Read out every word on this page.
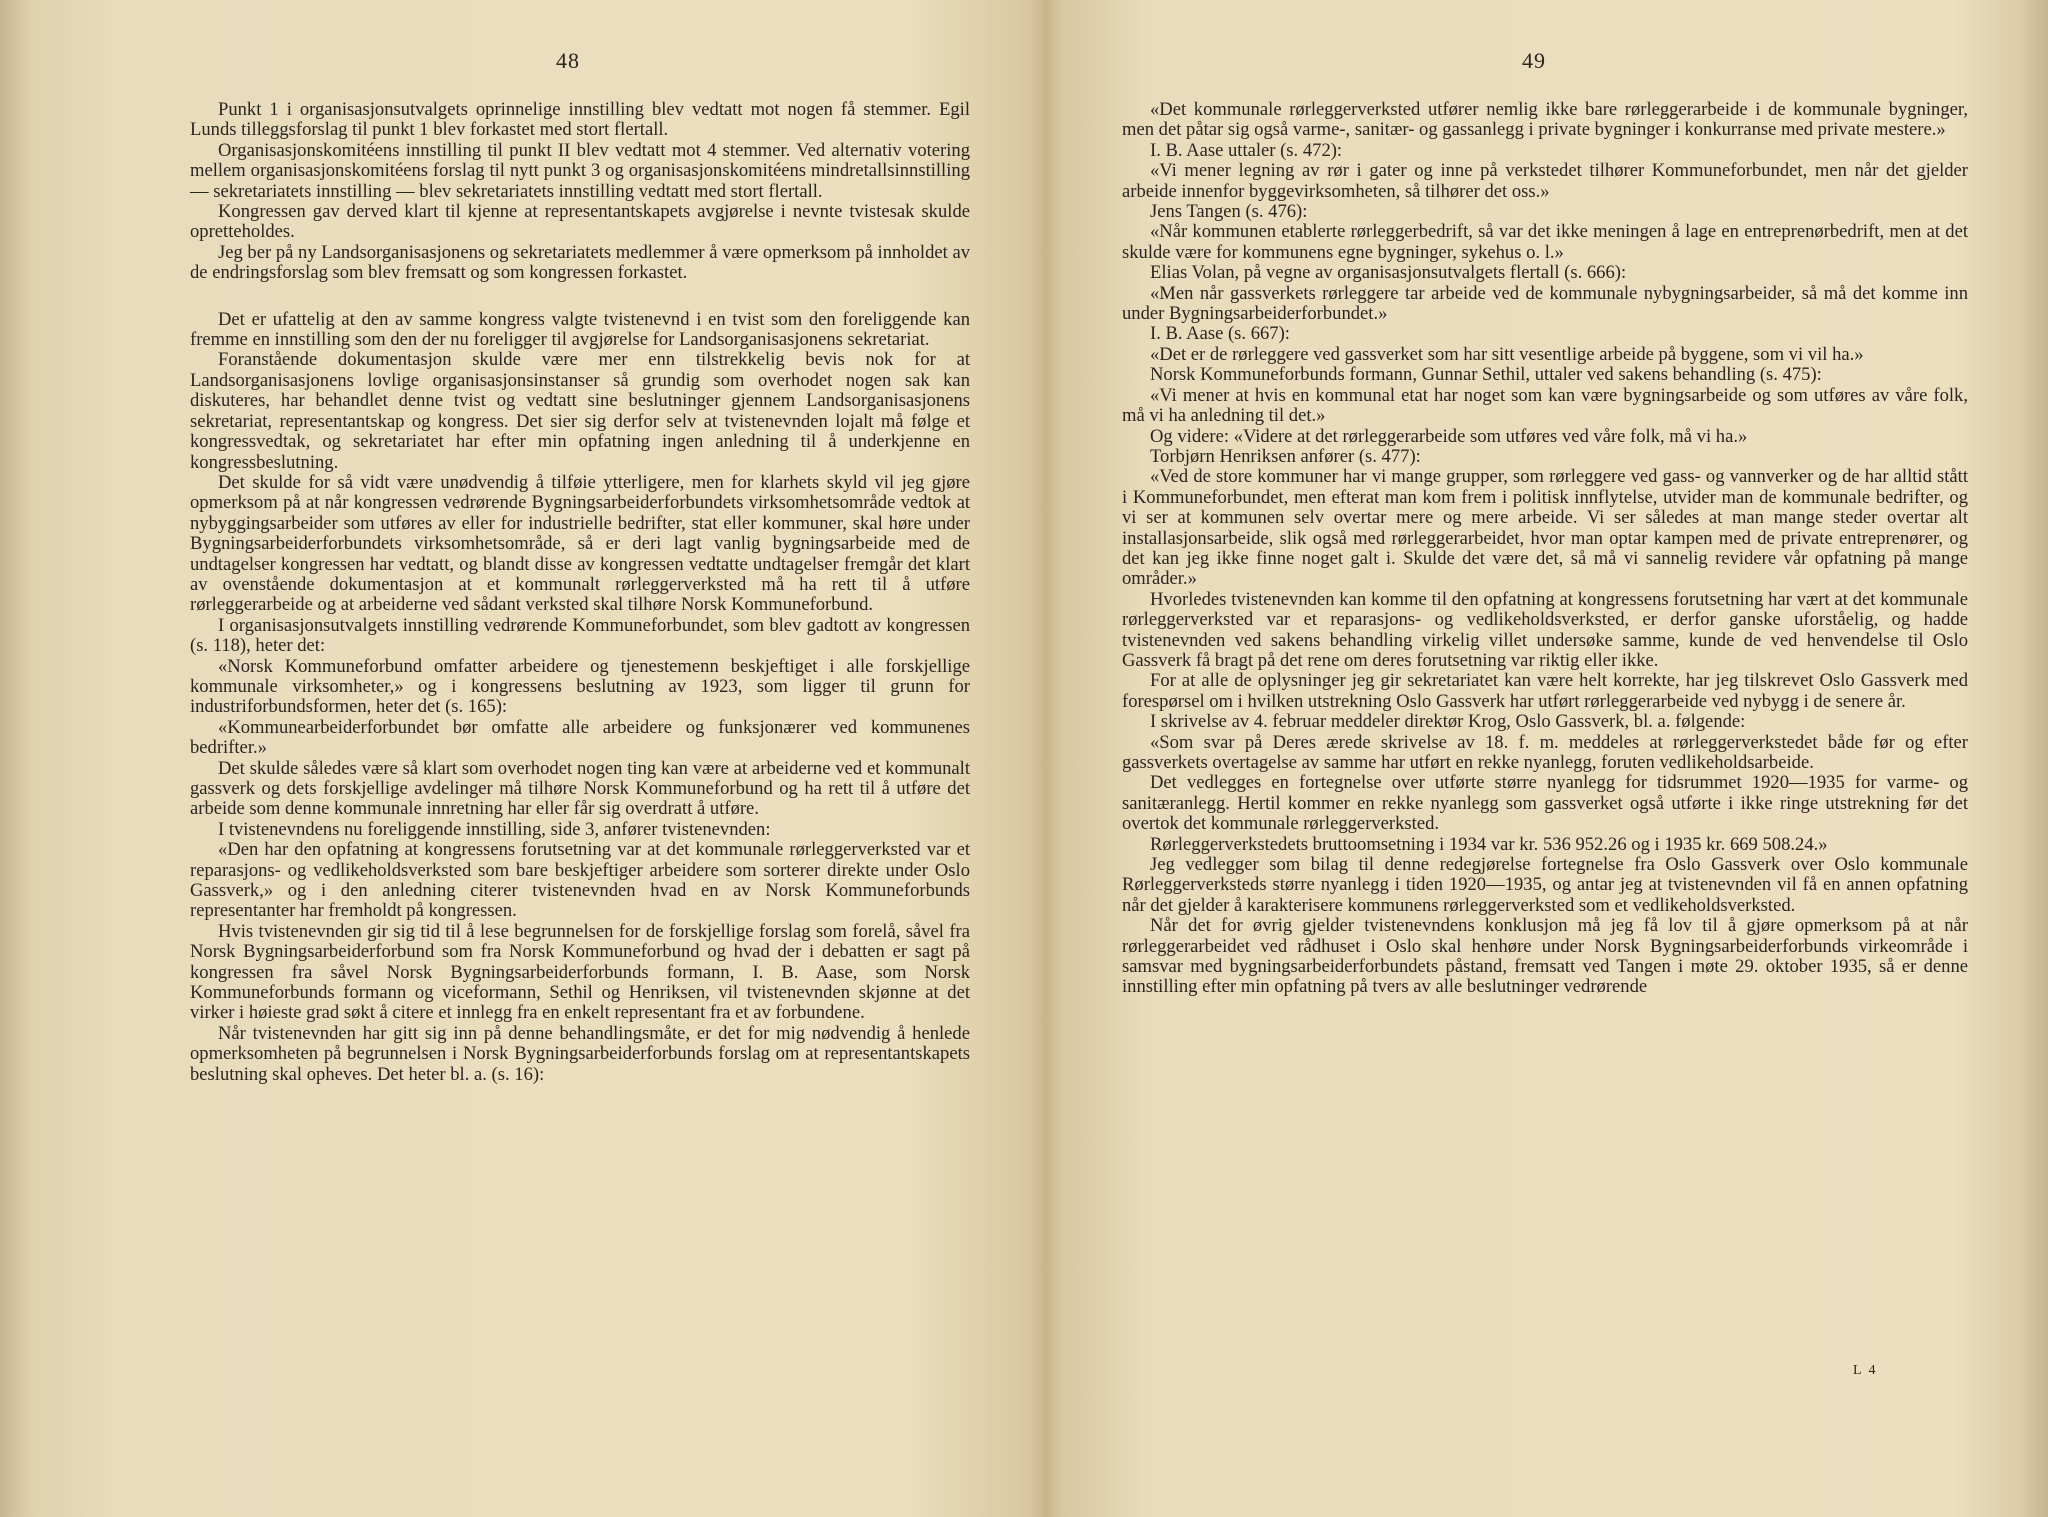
48

Punkt 1 i organisasjonsutvalgets oprinnelige innstilling blev vedtatt mot nogen få stemmer. Egil Lunds tilleggsforslag til punkt 1 blev forkastet med stort flertall.

Organisasjonskomitéens innstilling til punkt II blev vedtatt mot 4 stemmer. Ved alternativ votering mellem organisasjonskomitéens forslag til nytt punkt 3 og organisasjonskomitéens mindretallsinnstilling — sekretariatets innstilling — blev sekretariatets innstilling vedtatt med stort flertall.

Kongressen gav derved klart til kjenne at representantskapets avgjørelse i nevnte tvistesak skulde opretteholdes.

Jeg ber på ny Landsorganisasjonens og sekretariatets medlemmer å være opmerksom på innholdet av de endringsforslag som blev fremsatt og som kongressen forkastet.

Det er ufattelig at den av samme kongress valgte tvistenevnd i en tvist som den foreliggende kan fremme en innstilling som den der nu foreligger til avgjørelse for Landsorganisasjonens sekretariat.

Foranstående dokumentasjon skulde være mer enn tilstrekkelig bevis nok for at Landsorganisasjonens lovlige organisasjonsinstanser så grundig som overhodet nogen sak kan diskuteres, har behandlet denne tvist og vedtatt sine beslutninger gjennem Landsorganisasjonens sekretariat, representantskap og kongress. Det sier sig derfor selv at tvistenevnden lojalt må følge et kongressvedtak, og sekretariatet har efter min opfatning ingen anledning til å underkjenne en kongressbeslutning.

Det skulde for så vidt være unødvendig å tilføie ytterligere, men for klarhets skyld vil jeg gjøre opmerksom på at når kongressen vedrørende Bygningsarbeiderforbundets virksomhetsområde vedtok at nybyggingsarbeider som utføres av eller for industrielle bedrifter, stat eller kommuner, skal høre under Bygningsarbeiderforbundets virksomhetsområde, så er deri lagt vanlig bygningsarbeide med de undtagelser kongressen har vedtatt, og blandt disse av kongressen vedtatte undtagelser fremgår det klart av ovenstående dokumentasjon at et kommunalt rørleggerverksted må ha rett til å utføre rørleggerarbeide og at arbeiderne ved sådant verksted skal tilhøre Norsk Kommuneforbund.

I organisasjonsutvalgets innstilling vedrørende Kommuneforbundet, som blev gadtott av kongressen (s. 118), heter det:

«Norsk Kommuneforbund omfatter arbeidere og tjenestemenn beskjeftiget i alle forskjellige kommunale virksomheter,» og i kongressens beslutning av 1923, som ligger til grunn for industriforbundsformen, heter det (s. 165):

«Kommunearbeiderforbundet bør omfatte alle arbeidere og funksjonærer ved kommunenes bedrifter.»

Det skulde således være så klart som overhodet nogen ting kan være at arbeiderne ved et kommunalt gassverk og dets forskjellige avdelinger må tilhøre Norsk Kommuneforbund og ha rett til å utføre det arbeide som denne kommunale innretning har eller får sig overdratt å utføre.

I tvistenevndens nu foreliggende innstilling, side 3, anfører tvistenevnden:

«Den har den opfatning at kongressens forutsetning var at det kommunale rørleggerverksted var et reparasjons- og vedlikeholdsverksted som bare beskjeftiger arbeidere som sorterer direkte under Oslo Gassverk,» og i den anledning citerer tvistenevnden hvad en av Norsk Kommuneforbunds representanter har fremholdt på kongressen.

Hvis tvistenevnden gir sig tid til å lese begrunnelsen for de forskjellige forslag som forelå, såvel fra Norsk Bygningsarbeiderforbund som fra Norsk Kommuneforbund og hvad der i debatten er sagt på kongressen fra såvel Norsk Bygningsarbeiderforbunds formann, I. B. Aase, som Norsk Kommuneforbunds formann og viceformann, Sethil og Henriksen, vil tvistenevnden skjønne at det virker i høieste grad søkt å citere et innlegg fra en enkelt representant fra et av forbundene.

Når tvistenevnden har gitt sig inn på denne behandlingsmåte, er det for mig nødvendig å henlede opmerksomheten på begrunnelsen i Norsk Bygningsarbeiderforbunds forslag om at representantskapets beslutning skal opheves. Det heter bl. a. (s. 16):

49

«Det kommunale rørleggerverksted utfører nemlig ikke bare rørleggerarbeide i de kommunale bygninger, men det påtar sig også varme-, sanitær- og gassanlegg i private bygninger i konkurranse med private mestere.»

I. B. Aase uttaler (s. 472):

«Vi mener legning av rør i gater og inne på verkstedet tilhører Kommuneforbundet, men når det gjelder arbeide innenfor byggevirksomheten, så tilhører det oss.»

Jens Tangen (s. 476):

«Når kommunen etablerte rørleggerbedrift, så var det ikke meningen å lage en entreprenørbedrift, men at det skulde være for kommunens egne bygninger, sykehus o. l.»

Elias Volan, på vegne av organisasjonsutvalgets flertall (s. 666):

«Men når gassverkets rørleggere tar arbeide ved de kommunale nybygningsarbeider, så må det komme inn under Bygningsarbeiderforbundet.»

I. B. Aase (s. 667):

«Det er de rørleggere ved gassverket som har sitt vesentlige arbeide på byggene, som vi vil ha.»

Norsk Kommuneforbunds formann, Gunnar Sethil, uttaler ved sakens behandling (s. 475):

«Vi mener at hvis en kommunal etat har noget som kan være bygningsarbeide og som utføres av våre folk, må vi ha anledning til det.»

Og videre: «Videre at det rørleggerarbeide som utføres ved våre folk, må vi ha.»

Torbjørn Henriksen anfører (s. 477):

«Ved de store kommuner har vi mange grupper, som rørleggere ved gass- og vannverker og de har alltid stått i Kommuneforbundet, men efterat man kom frem i politisk innflytelse, utvider man de kommunale bedrifter, og vi ser at kommunen selv overtar mere og mere arbeide. Vi ser således at man mange steder overtar alt installasjonsarbeide, slik også med rørleggerarbeidet, hvor man optar kampen med de private entreprenører, og det kan jeg ikke finne noget galt i. Skulde det være det, så må vi sannelig revidere vår opfatning på mange områder.»

Hvorledes tvistenevnden kan komme til den opfatning at kongressens forutsetning har vært at det kommunale rørleggerverksted var et reparasjons- og vedlikeholdsverksted, er derfor ganske uforståelig, og hadde tvistenevnden ved sakens behandling virkelig villet undersøke samme, kunde de ved henvendelse til Oslo Gassverk få bragt på det rene om deres forutsetning var riktig eller ikke.

For at alle de oplysninger jeg gir sekretariatet kan være helt korrekte, har jeg tilskrevet Oslo Gassverk med forespørsel om i hvilken utstrekning Oslo Gassverk har utført rørleggerarbeide ved nybygg i de senere år.

I skrivelse av 4. februar meddeler direktør Krog, Oslo Gassverk, bl. a. følgende:

«Som svar på Deres ærede skrivelse av 18. f. m. meddeles at rørleggerverkstedet både før og efter gassverkets overtagelse av samme har utført en rekke nyanlegg, foruten vedlikeholdsarbeide.

Det vedlegges en fortegnelse over utførte større nyanlegg for tidsrummet 1920—1935 for varme- og sanitæranlegg. Hertil kommer en rekke nyanlegg som gassverket også utførte i ikke ringe utstrekning før det overtok det kommunale rørleggerverksted.

Rørleggerverkstedets bruttoomsetning i 1934 var kr. 536 952.26 og i 1935 kr. 669 508.24.»

Jeg vedlegger som bilag til denne redegjørelse fortegnelse fra Oslo Gassverk over Oslo kommunale Rørleggerverksteds større nyanlegg i tiden 1920—1935, og antar jeg at tvistenevnden vil få en annen opfatning når det gjelder å karakterisere kommunens rørleggerverksted som et vedlikeholdsverksted.

Når det for øvrig gjelder tvistenevndens konklusjon må jeg få lov til å gjøre opmerksom på at når rørleggerarbeidet ved rådhuset i Oslo skal henhøre under Norsk Bygningsarbeiderforbunds virkeområde i samsvar med bygningsarbeiderforbundets påstand, fremsatt ved Tangen i møte 29. oktober 1935, så er denne innstilling efter min opfatning på tvers av alle beslutninger vedrørende

L 4
